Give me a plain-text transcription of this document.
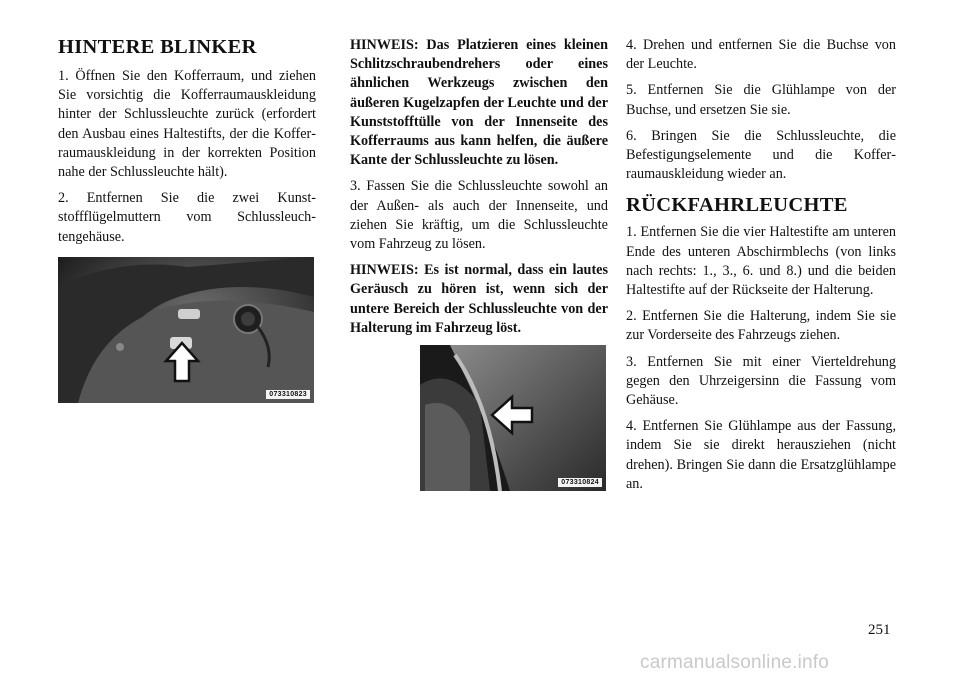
HINTERE BLINKER

1. Öffnen Sie den Kofferraum, und ziehen Sie vorsichtig die Kofferraumauskleidung hinter der Schlussleuchte zurück (erfordert den Ausbau eines Haltestifts, der die Kofferraumauskleidung in der korrekten Position nahe der Schlussleuchte hält).

2. Entfernen Sie die zwei Kunststoffflügelmuttern vom Schlussleuchtengehäuse.

073310823

HINWEIS: Das Platzieren eines kleinen Schlitzschraubendrehers oder eines ähnlichen Werkzeugs zwischen den äußeren Kugelzapfen der Leuchte und der Kunststofftülle von der Innenseite des Kofferraums aus kann helfen, die äußere Kante der Schlussleuchte zu lösen.

3. Fassen Sie die Schlussleuchte sowohl an der Außen- als auch der Innenseite, und ziehen Sie kräftig, um die Schlussleuchte vom Fahrzeug zu lösen.

HINWEIS: Es ist normal, dass ein lautes Geräusch zu hören ist, wenn sich der untere Bereich der Schlussleuchte von der Halterung im Fahrzeug löst.

073310824

4. Drehen und entfernen Sie die Buchse von der Leuchte.

5. Entfernen Sie die Glühlampe von der Buchse, und ersetzen Sie sie.

6. Bringen Sie die Schlussleuchte, die Befestigungselemente und die Kofferraumauskleidung wieder an.

RÜCKFAHRLEUCHTE

1. Entfernen Sie die vier Haltestifte am unteren Ende des unteren Abschirmblechs (von links nach rechts: 1., 3., 6. und 8.) und die beiden Haltestifte auf der Rückseite der Halterung.

2. Entfernen Sie die Halterung, indem Sie sie zur Vorderseite des Fahrzeugs ziehen.

3. Entfernen Sie mit einer Vierteldrehung gegen den Uhrzeigersinn die Fassung vom Gehäuse.

4. Entfernen Sie Glühlampe aus der Fassung, indem Sie sie direkt herausziehen (nicht drehen). Bringen Sie dann die Ersatzglühlampe an.

251
carmanualsonline.info
